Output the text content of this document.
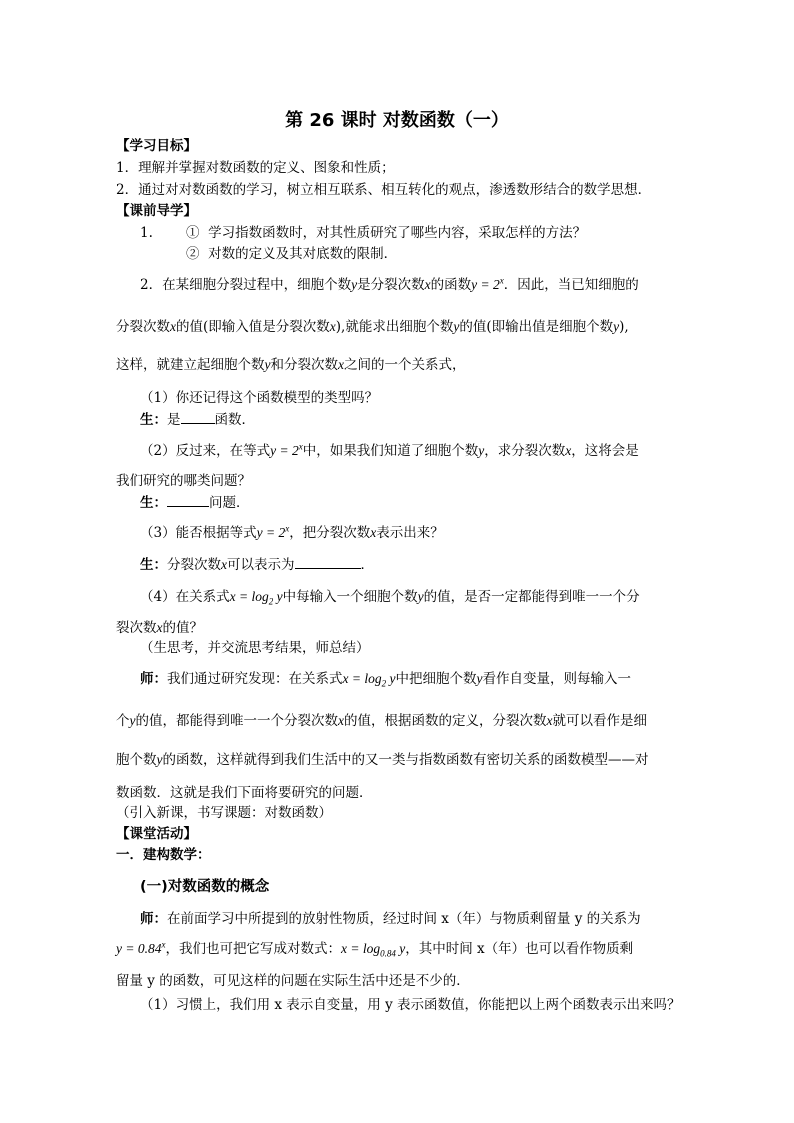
第 26 课时 对数函数（一）
【学习目标】
1．理解并掌握对数函数的定义、图象和性质；
2．通过对对数函数的学习，树立相互联系、相互转化的观点，渗透数形结合的数学思想．
【课前导学】
1. ① 学习指数函数时，对其性质研究了哪些内容，采取怎样的方法？
② 对数的定义及其对底数的限制．
2．在某细胞分裂过程中，细胞个数y是分裂次数x的函数$y = 2^x$．因此，当已知细胞的
分裂次数x的值(即输入值是分裂次数x),就能求出细胞个数y的值(即输出值是细胞个数y),
这样，就建立起细胞个数y和分裂次数x之间的一个关系式，
（1）你还记得这个函数模型的类型吗？
生：是	函数．
（2）反过来，在等式$y = 2^x$中，如果我们知道了细胞个数y，求分裂次数x，这将会是
我们研究的哪类问题？
生：	问题．
（3）能否根据等式$y = 2^x$，把分裂次数x表示出来？
生：分裂次数x可以表示为	．
（4）在关系式$x = \log_2 y$中每输入一个细胞个数y的值，是否一定都能得到唯一一个分
裂次数x的值？
（生思考，并交流思考结果，师总结）
师：我们通过研究发现：在关系式$x = \log_2 y$中把细胞个数y看作自变量，则每输入一
个y的值，都能得到唯一一个分裂次数x的值，根据函数的定义，分裂次数x就可以看作是细
胞个数y的函数，这样就得到我们生活中的又一类与指数函数有密切关系的函数模型——对
数函数．这就是我们下面将要研究的问题．
（引入新课，书写课题：对数函数）
【课堂活动】
一．建构数学：
(一)对数函数的概念
师：在前面学习中所提到的放射性物质，经过时间 x（年）与物质剩留量 y 的关系为
$y = 0.84^x$，我们也可把它写成对数式：$x = \log_{0.84} y$，其中时间 x（年）也可以看作物质剩
留量 y 的函数，可见这样的问题在实际生活中还是不少的．
（1）习惯上，我们用 x 表示自变量，用 y 表示函数值，你能把以上两个函数表示出来吗？
